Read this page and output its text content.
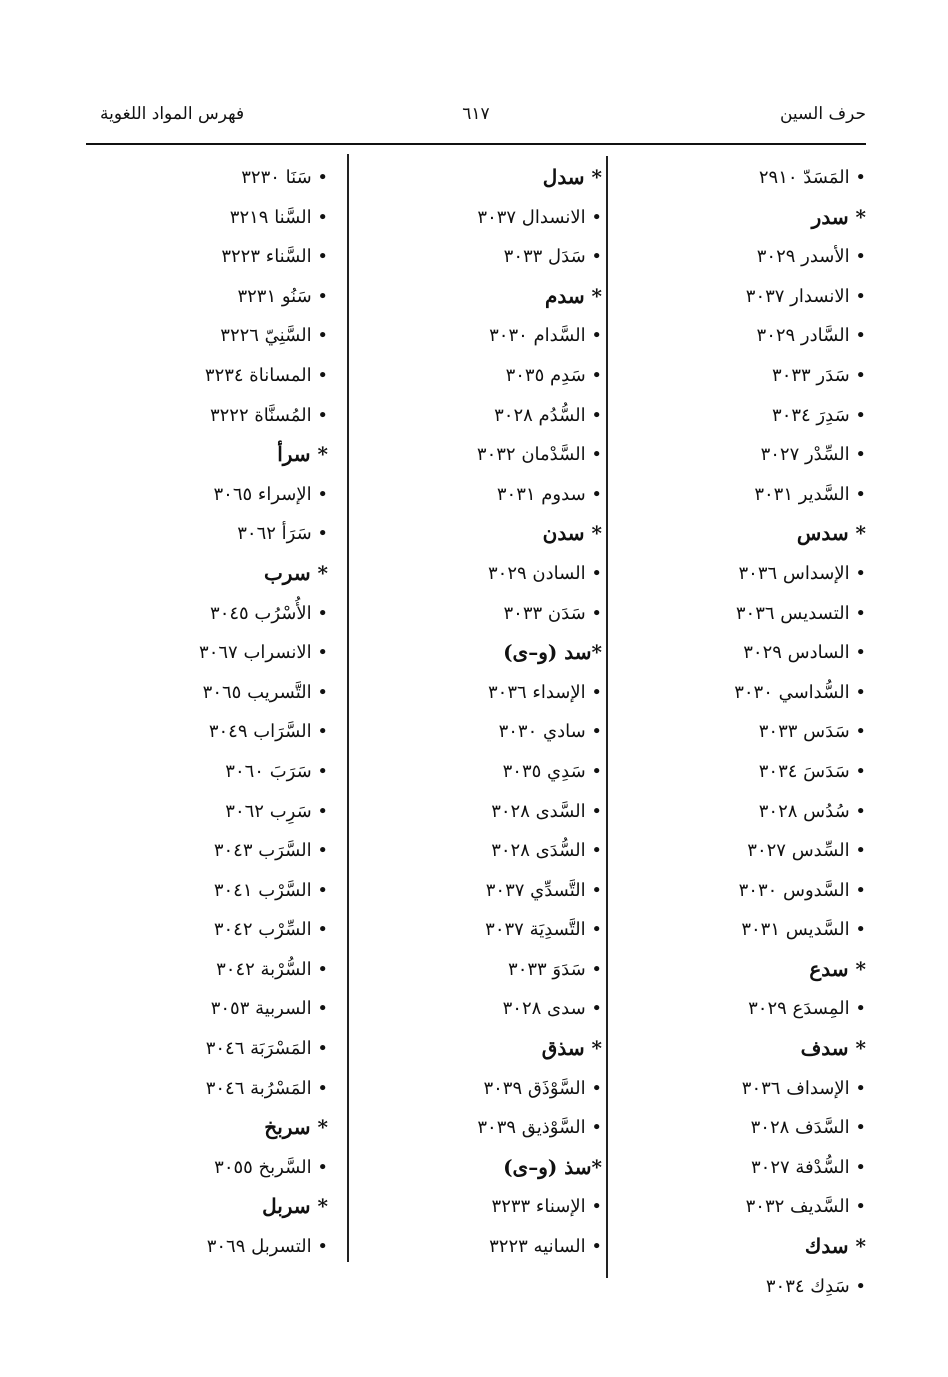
حرف السين
٦١٧
فهرس المواد اللغوية
• المَسَدّ ٢٩١٠
* سدر
• الأسدر ٣٠٢٩
• الانسدار ٣٠٣٧
• السَّادر ٣٠٢٩
• سَدَر ٣٠٣٣
• سَدِرَ ٣٠٣٤
• السِّدْر ٣٠٢٧
• السَّدير ٣٠٣١
* سدس
• الإسداس ٣٠٣٦
• التسديس ٣٠٣٦
• السادس ٣٠٢٩
• السُّداسي ٣٠٣٠
• سَدَس ٣٠٣٣
• سَدَسَ ٣٠٣٤
• سُدُس ٣٠٢٨
• السِّدس ٣٠٢٧
• السَّدوس ٣٠٣٠
• السَّديس ٣٠٣١
* سدع
• المِسدَع ٣٠٢٩
* سدف
• الإسداف ٣٠٣٦
• السَّدَف ٣٠٢٨
• السُّدْفة ٣٠٢٧
• السَّديف ٣٠٣٢
* سدك
• سَدِك ٣٠٣٤
* سدل
• الانسدال ٣٠٣٧
• سَدَل ٣٠٣٣
* سدم
• السَّدام ٣٠٣٠
• سَدِم ٣٠٣٥
• السُّدُم ٣٠٢٨
• السَّدْمان ٣٠٣٢
• سدوم ٣٠٣١
* سدن
• السادن ٣٠٢٩
• سَدَن ٣٠٣٣
*سد (و–ى)
• الإسداء ٣٠٣٦
• سادي ٣٠٣٠
• سَدِي ٣٠٣٥
• السَّدى ٣٠٢٨
• السُّدَى ٣٠٢٨
• التَّسدِّي ٣٠٣٧
• التَّسدِيَة ٣٠٣٧
• سَدَوَ ٣٠٣٣
• سدى ٣٠٢٨
* سذق
• السَّوْذَق ٣٠٣٩
• السَّوْذيق ٣٠٣٩
*سذ (و–ى)
• الإسناء ٣٢٣٣
• السانيه ٣٢٢٣
• سَنَا ٣٢٣٠
• السَّنا ٣٢١٩
• السَّناء ٣٢٢٣
• سَنُو ٣٢٣١
• السَّنِيّ ٣٢٢٦
• المساناة ٣٢٣٤
• المُسنَّاة ٣٢٢٢
* سرأ
• الإسراء ٣٠٦٥
• سَرَأ ٣٠٦٢
* سرب
• الأُسْرُب ٣٠٤٥
• الانسراب ٣٠٦٧
• التَّسريب ٣٠٦٥
• السَّرَاب ٣٠٤٩
• سَرَبَ ٣٠٦٠
• سَرِب ٣٠٦٢
• السَّرَب ٣٠٤٣
• السَّرْب ٣٠٤١
• السِّرْب ٣٠٤٢
• السُّرْبة ٣٠٤٢
• السربية ٣٠٥٣
• المَسْرَبَة ٣٠٤٦
• المَسْرُبة ٣٠٤٦
* سربخ
• السَّربخ ٣٠٥٥
* سربل
• التسربل ٣٠٦٩
